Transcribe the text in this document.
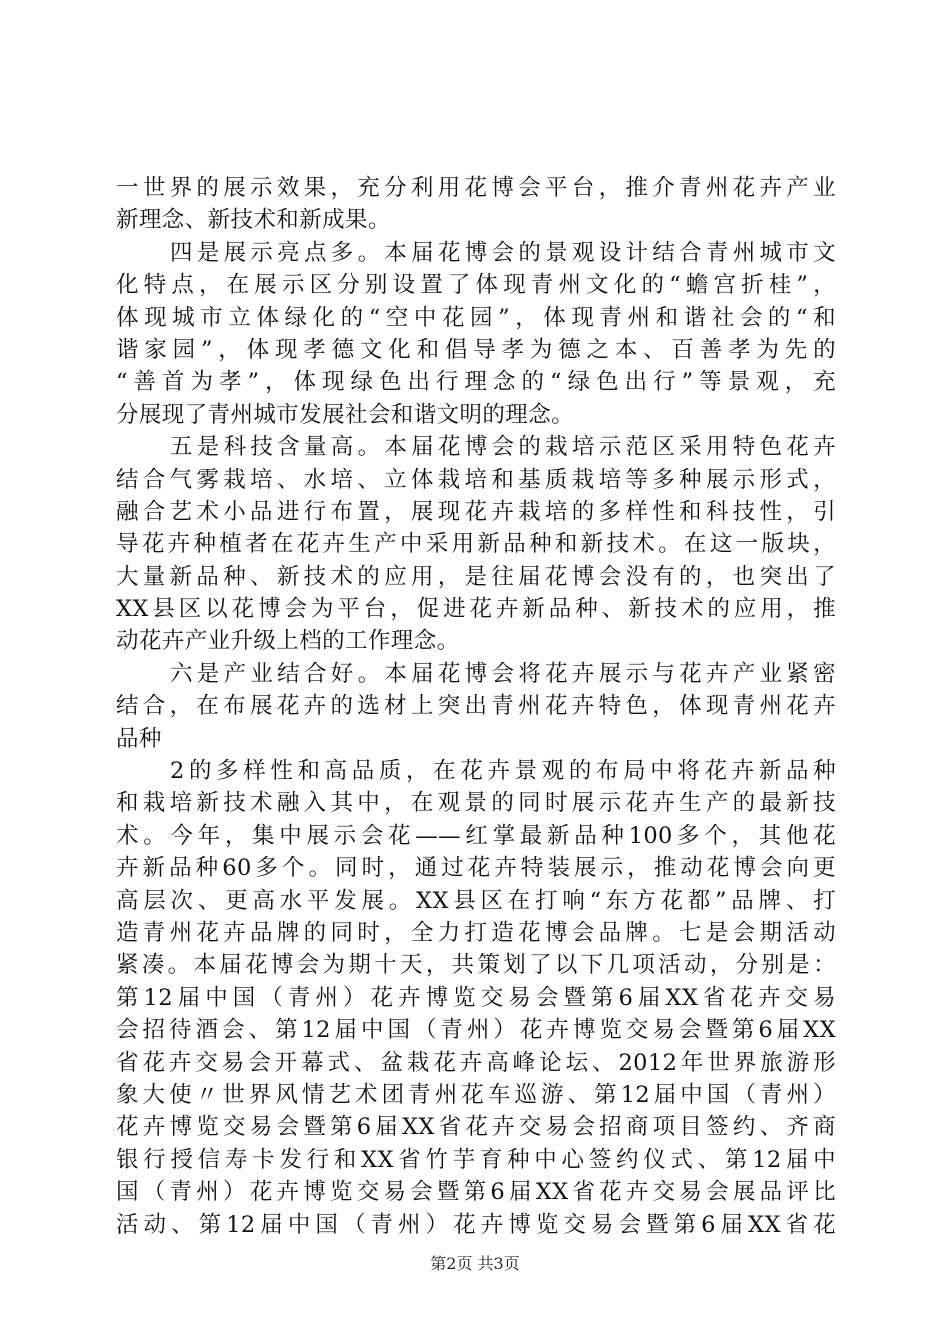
一世界的展示效果，充分利用花博会平台，推介青州花卉产业
新理念、新技术和新成果。
四是展示亮点多。本届花博会的景观设计结合青州城市文
化特点，在展示区分别设置了体现青州文化的“蟾宫折桂”，
体现城市立体绿化的“空中花园”，体现青州和谐社会的“和
谐家园”，体现孝德文化和倡导孝为德之本、百善孝为先的
“善首为孝”，体现绿色出行理念的“绿色出行”等景观，充
分展现了青州城市发展社会和谐文明的理念。
五是科技含量高。本届花博会的栽培示范区采用特色花卉
结合气雾栽培、水培、立体栽培和基质栽培等多种展示形式，
融合艺术小品进行布置，展现花卉栽培的多样性和科技性，引
导花卉种植者在花卉生产中采用新品种和新技术。在这一版块，
大量新品种、新技术的应用，是往届花博会没有的，也突出了
XX县区以花博会为平台，促进花卉新品种、新技术的应用，推
动花卉产业升级上档的工作理念。
六是产业结合好。本届花博会将花卉展示与花卉产业紧密
结合，在布展花卉的选材上突出青州花卉特色，体现青州花卉
品种
2的多样性和高品质，在花卉景观的布局中将花卉新品种
和栽培新技术融入其中，在观景的同时展示花卉生产的最新技
术。今年，集中展示会花——红掌最新品种100多个，其他花
卉新品种60多个。同时，通过花卉特装展示，推动花博会向更
高层次、更高水平发展。XX县区在打响“东方花都”品牌、打
造青州花卉品牌的同时，全力打造花博会品牌。七是会期活动
紧凑。本届花博会为期十天，共策划了以下几项活动，分别是：
第12届中国（青州）花卉博览交易会暨第6届XX省花卉交易
会招待酒会、第12届中国（青州）花卉博览交易会暨第6届XX
省花卉交易会开幕式、盆栽花卉高峰论坛、2012年世界旅游形
象大使〃世界风情艺术团青州花车巡游、第12届中国（青州）
花卉博览交易会暨第6届XX省花卉交易会招商项目签约、齐商
银行授信寿卡发行和XX省竹芋育种中心签约仪式、第12届中
国（青州）花卉博览交易会暨第6届XX省花卉交易会展品评比
活动、第12届中国（青州）花卉博览交易会暨第6届XX省花
第2页 共3页
